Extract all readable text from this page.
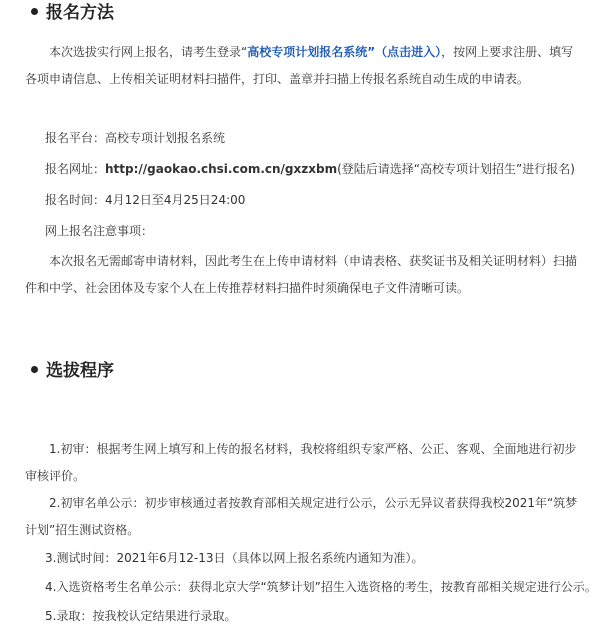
报名方法

本次选拔实行网上报名，请考生登录“高校专项计划报名系统”（点击进入），按网上要求注册、填写各项申请信息、上传相关证明材料扫描件，打印、盖章并扫描上传报名系统自动生成的申请表。

报名平台：高校专项计划报名系统
报名网址：http://gaokao.chsi.com.cn/gxzxbm(登陆后请选择“高校专项计划招生”进行报名)
报名时间：4月12日至4月25日24:00
网上报名注意事项：

本次报名无需邮寄申请材料，因此考生在上传申请材料（申请表格、获奖证书及相关证明材料）扫描件和中学、社会团体及专家个人在上传推荐材料扫描件时须确保电子文件清晰可读。

选拔程序

1.初审：根据考生网上填写和上传的报名材料，我校将组织专家严格、公正、客观、全面地进行初步审核评价。

2.初审名单公示：初步审核通过者按教育部相关规定进行公示，公示无异议者获得我校2021年“筑梦计划”招生测试资格。

3.测试时间：2021年6月12-13日（具体以网上报名系统内通知为准）。
4.入选资格考生名单公示：获得北京大学“筑梦计划”招生入选资格的考生，按教育部相关规定进行公示。
5.录取：按我校认定结果进行录取。
